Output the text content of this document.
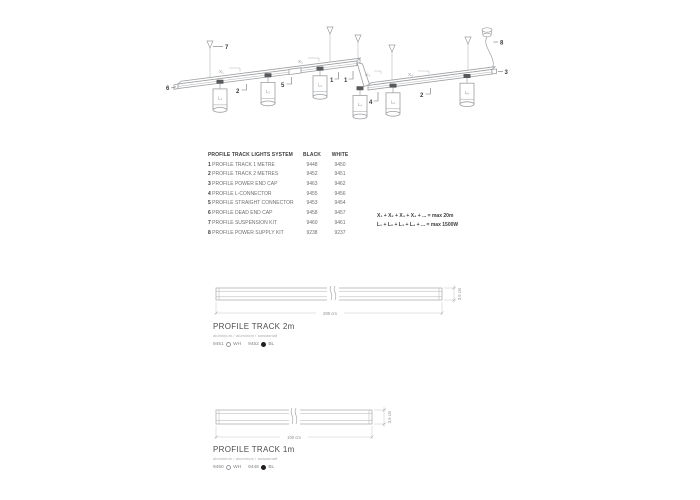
L₁
L₂
L₃
L₄
L₅
L₆
X₁
X₂
X₃	X₄
7
8
6
3
2
5
1 1
4
2
PROFILE TRACK LIGHTS SYSTEM	BLACK	WHITE
1 PROFILE TRACK 1 METRE	9448	9450
2 PROFILE TRACK 2 METRES	9452	9451
3 PROFILE POWER END CAP	9463	9462
4 PROFILE L-CONNECTOR	9455	9456
5 PROFILE STRAIGHT CONNECTOR	9453	9454
6 PROFILE DEAD END CAP	9458	9457
7 PROFILE SUSPENSION KIT	9460	9461
8 PROFILE POWER SUPPLY KIT	9238	9237
X₁ + X₂ + X₃ + X₄ + ... = max 20m
L₁ + L₂ + L₃ + L₄ + ... = max 1500W
200 cm
3,5 cm
PROFILE TRACK 2m
aluminium / aluminum / алюминий
9451 WH 9452 BL
100 cm
3,5 cm
PROFILE TRACK 1m
aluminium / aluminum / алюминий
9450 WH 9448 BL
